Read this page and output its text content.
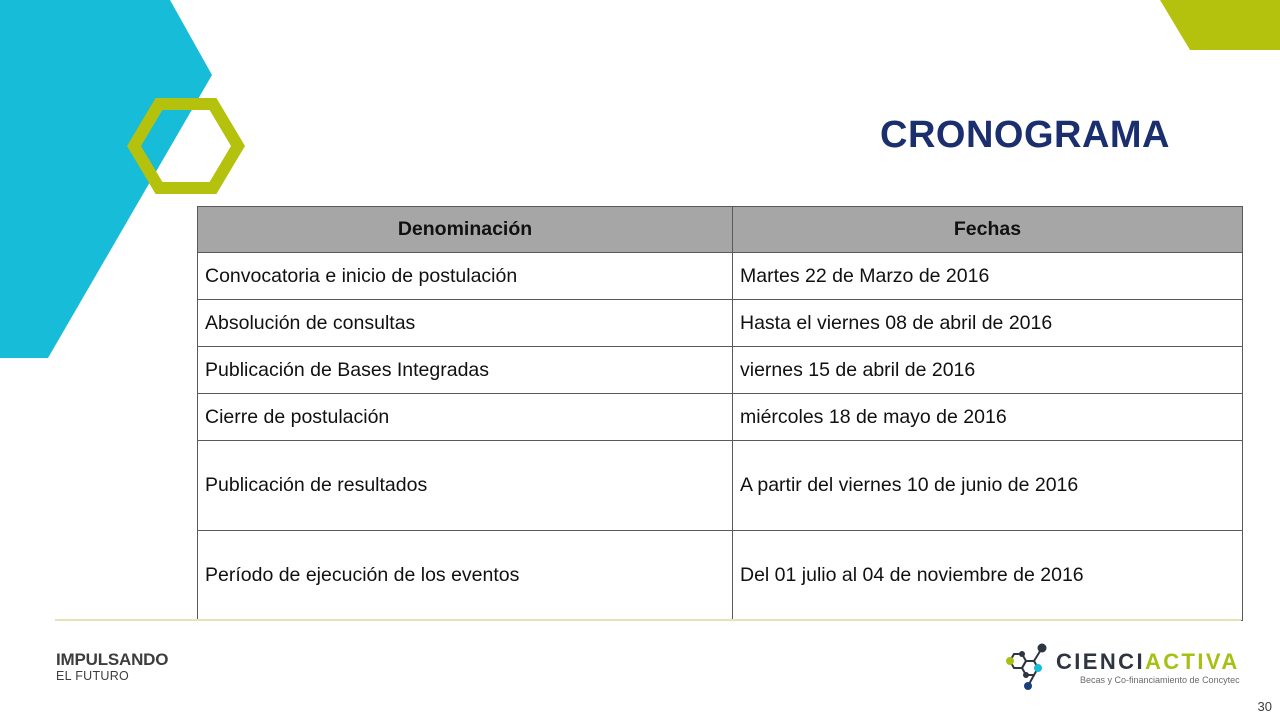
CRONOGRAMA
Denominación	Fechas
Convocatoria e inicio de postulación	Martes 22 de Marzo de 2016
Absolución de consultas	Hasta el viernes 08 de abril de 2016
Publicación de Bases Integradas	viernes 15 de abril de 2016
Cierre de postulación	miércoles 18 de mayo de 2016
Publicación de resultados	A partir del viernes 10 de junio de 2016
Período de ejecución de los eventos	Del 01 julio al 04 de noviembre de 2016
IMPULSANDO
EL FUTURO
CIENCIACTIVA
Becas y Co-financiamiento de Concytec
30
